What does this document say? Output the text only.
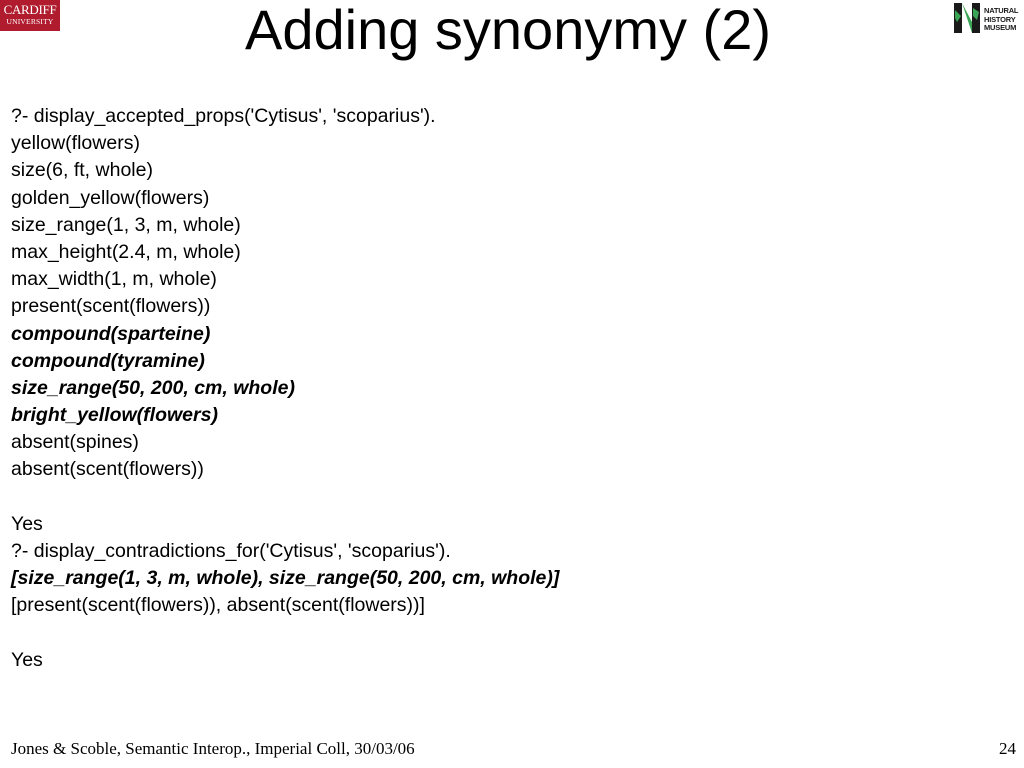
CARDIFF
UNIVERSITY
NATURAL
HISTORY
MUSEUM
Adding synonymy (2)
?- display_accepted_props('Cytisus', 'scoparius').
yellow(flowers)
size(6, ft, whole)
golden_yellow(flowers)
size_range(1, 3, m, whole)
max_height(2.4, m, whole)
max_width(1, m, whole)
present(scent(flowers))
compound(sparteine)
compound(tyramine)
size_range(50, 200, cm, whole)
bright_yellow(flowers)
absent(spines)
absent(scent(flowers))
Yes
?- display_contradictions_for('Cytisus', 'scoparius').
[size_range(1, 3, m, whole), size_range(50, 200, cm, whole)]
[present(scent(flowers)), absent(scent(flowers))]
Yes
Jones & Scoble, Semantic Interop., Imperial Coll, 30/03/06	24
